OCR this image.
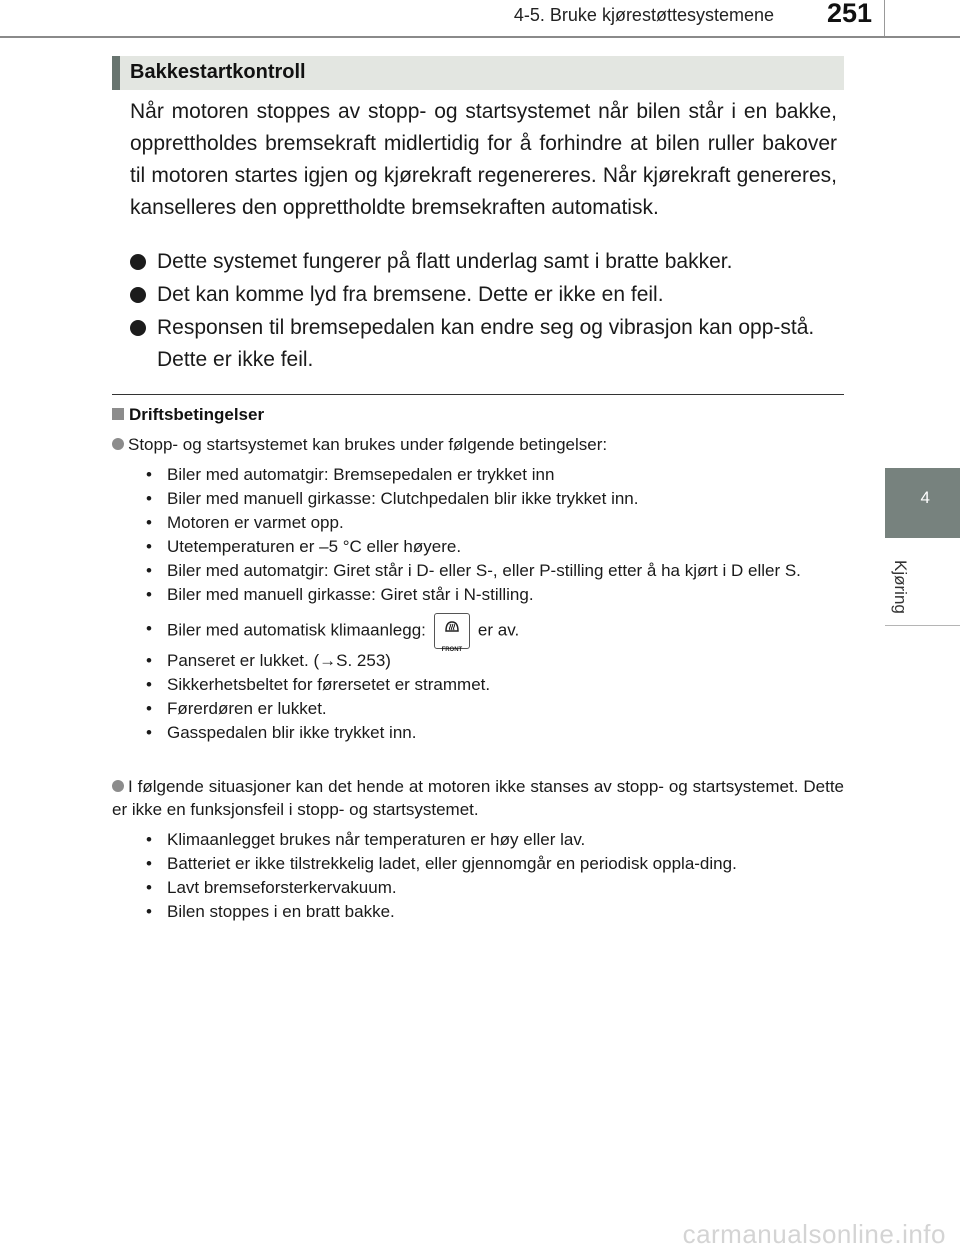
4-5. Bruke kjørestøttesystemene 251
4
Kjøring
Bakkestartkontroll

Når motoren stoppes av stopp- og startsystemet når bilen står i en bakke, opprettholdes bremsekraft midlertidig for å forhindre at bilen ruller bakover til motoren startes igjen og kjørekraft regenereres. Når kjørekraft genereres, kanselleres den opprettholdte bremsekraften automatisk.

Dette systemet fungerer på flatt underlag samt i bratte bakker.
Det kan komme lyd fra bremsene. Dette er ikke en feil.
Responsen til bremsepedalen kan endre seg og vibrasjon kan opp-stå. Dette er ikke feil.
Driftsbetingelser
Stopp- og startsystemet kan brukes under følgende betingelser:
• Biler med automatgir: Bremsepedalen er trykket inn
• Biler med manuell girkasse: Clutchpedalen blir ikke trykket inn.
• Motoren er varmet opp.
• Utetemperaturen er –5 °C eller høyere.
• Biler med automatgir: Giret står i D- eller S-, eller P-stilling etter å ha kjørt i D eller S.
• Biler med manuell girkasse: Giret står i N-stilling.
• Biler med automatisk klimaanlegg:
FRONT
er av.
• Panseret er lukket. (→S. 253)
• Sikkerhetsbeltet for førersetet er strammet.
• Førerdøren er lukket.
• Gasspedalen blir ikke trykket inn.
I følgende situasjoner kan det hende at motoren ikke stanses av stopp- og startsystemet. Dette er ikke en funksjonsfeil i stopp- og startsystemet.
• Klimaanlegget brukes når temperaturen er høy eller lav.
• Batteriet er ikke tilstrekkelig ladet, eller gjennomgår en periodisk oppla-ding.
• Lavt bremseforsterkervakuum.
• Bilen stoppes i en bratt bakke.
carmanualsonline.info
